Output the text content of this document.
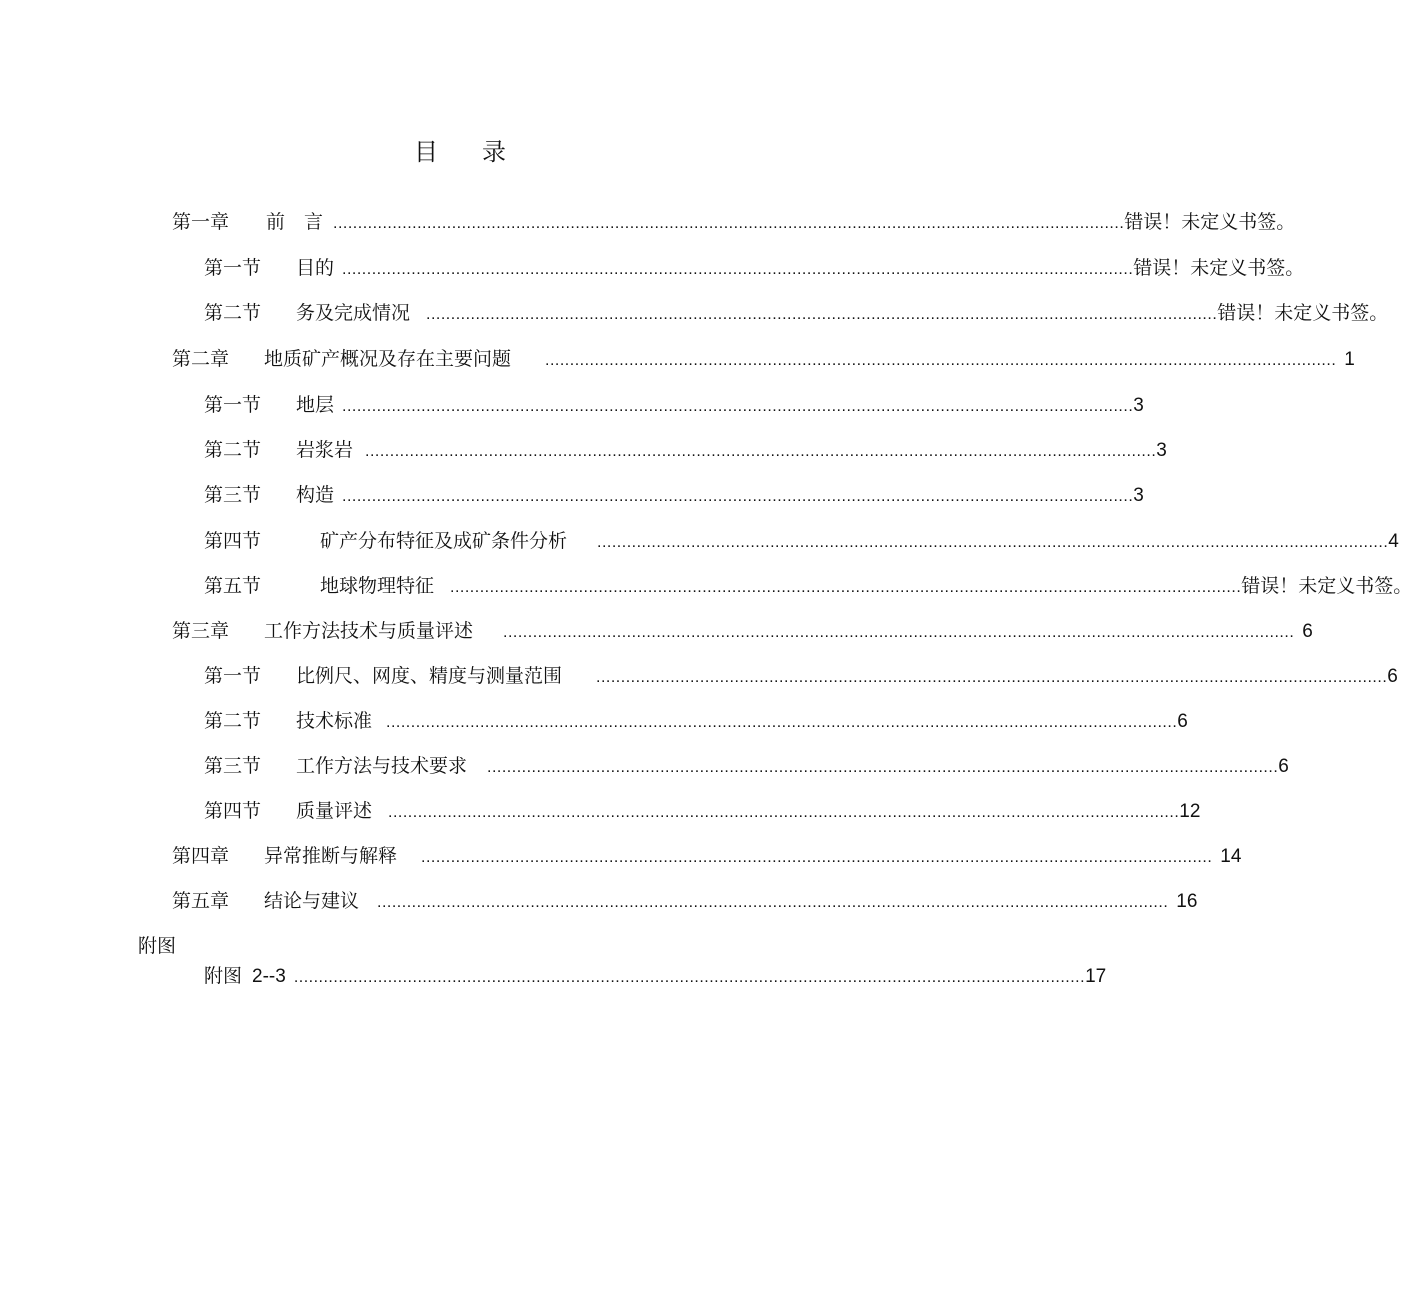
目 录
第一章	前　言 ................................................................................................................................................................ 错误！未定义书签。
第一节	目的 ................................................................................................................................................................ 错误！未定义书签。
第二节	务及完成情况 ................................................................................................................................................................ 错误！未定义书签。
第二章	地质矿产概况及存在主要问题 ................................................................................................................................................................ 1
第一节	地层 ................................................................................................................................................................ 3
第二节	岩浆岩 ................................................................................................................................................................ 3
第三节	构造 ................................................................................................................................................................ 3
第四节	矿产分布特征及成矿条件分析 ................................................................................................................................................................ 4
第五节	地球物理特征 ................................................................................................................................................................ 错误！未定义书签。
第三章	工作方法技术与质量评述 ................................................................................................................................................................ 6
第一节	比例尺、网度、精度与测量范围 ................................................................................................................................................................ 6
第二节	技术标准 ................................................................................................................................................................ 6
第三节	工作方法与技术要求 ................................................................................................................................................................ 6
第四节	质量评述 ................................................................................................................................................................ 12
第四章	异常推断与解释 ................................................................................................................................................................ 14
第五章	结论与建议 ................................................................................................................................................................ 16
附图
附图 2--3 ................................................................................................................................................................ 17
